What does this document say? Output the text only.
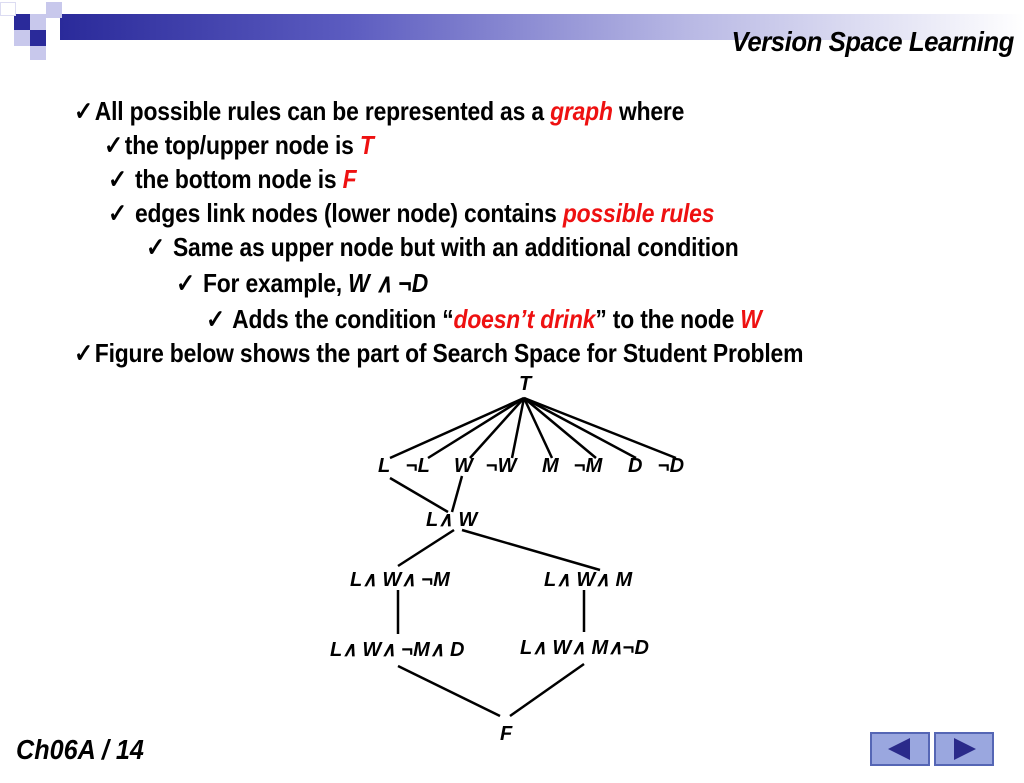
Version Space Learning
✓All possible rules can be represented as a graph where
✓the top/upper node is T
✓ the bottom node is F
✓ edges link nodes (lower node) contains possible rules
✓ Same as upper node but with an additional condition
✓ For example, W ∧ ¬D
✓ Adds the condition “doesn’t drink” to the node W
✓Figure below shows the part of Search Space for Student Problem
T
L ¬L W ¬W M ¬M D ¬D
L∧ W
L∧ W∧ ¬M	L∧ W∧ M
L∧ W∧ ¬M∧ D	L∧ W∧ M∧¬D
F
Ch06A / 14
